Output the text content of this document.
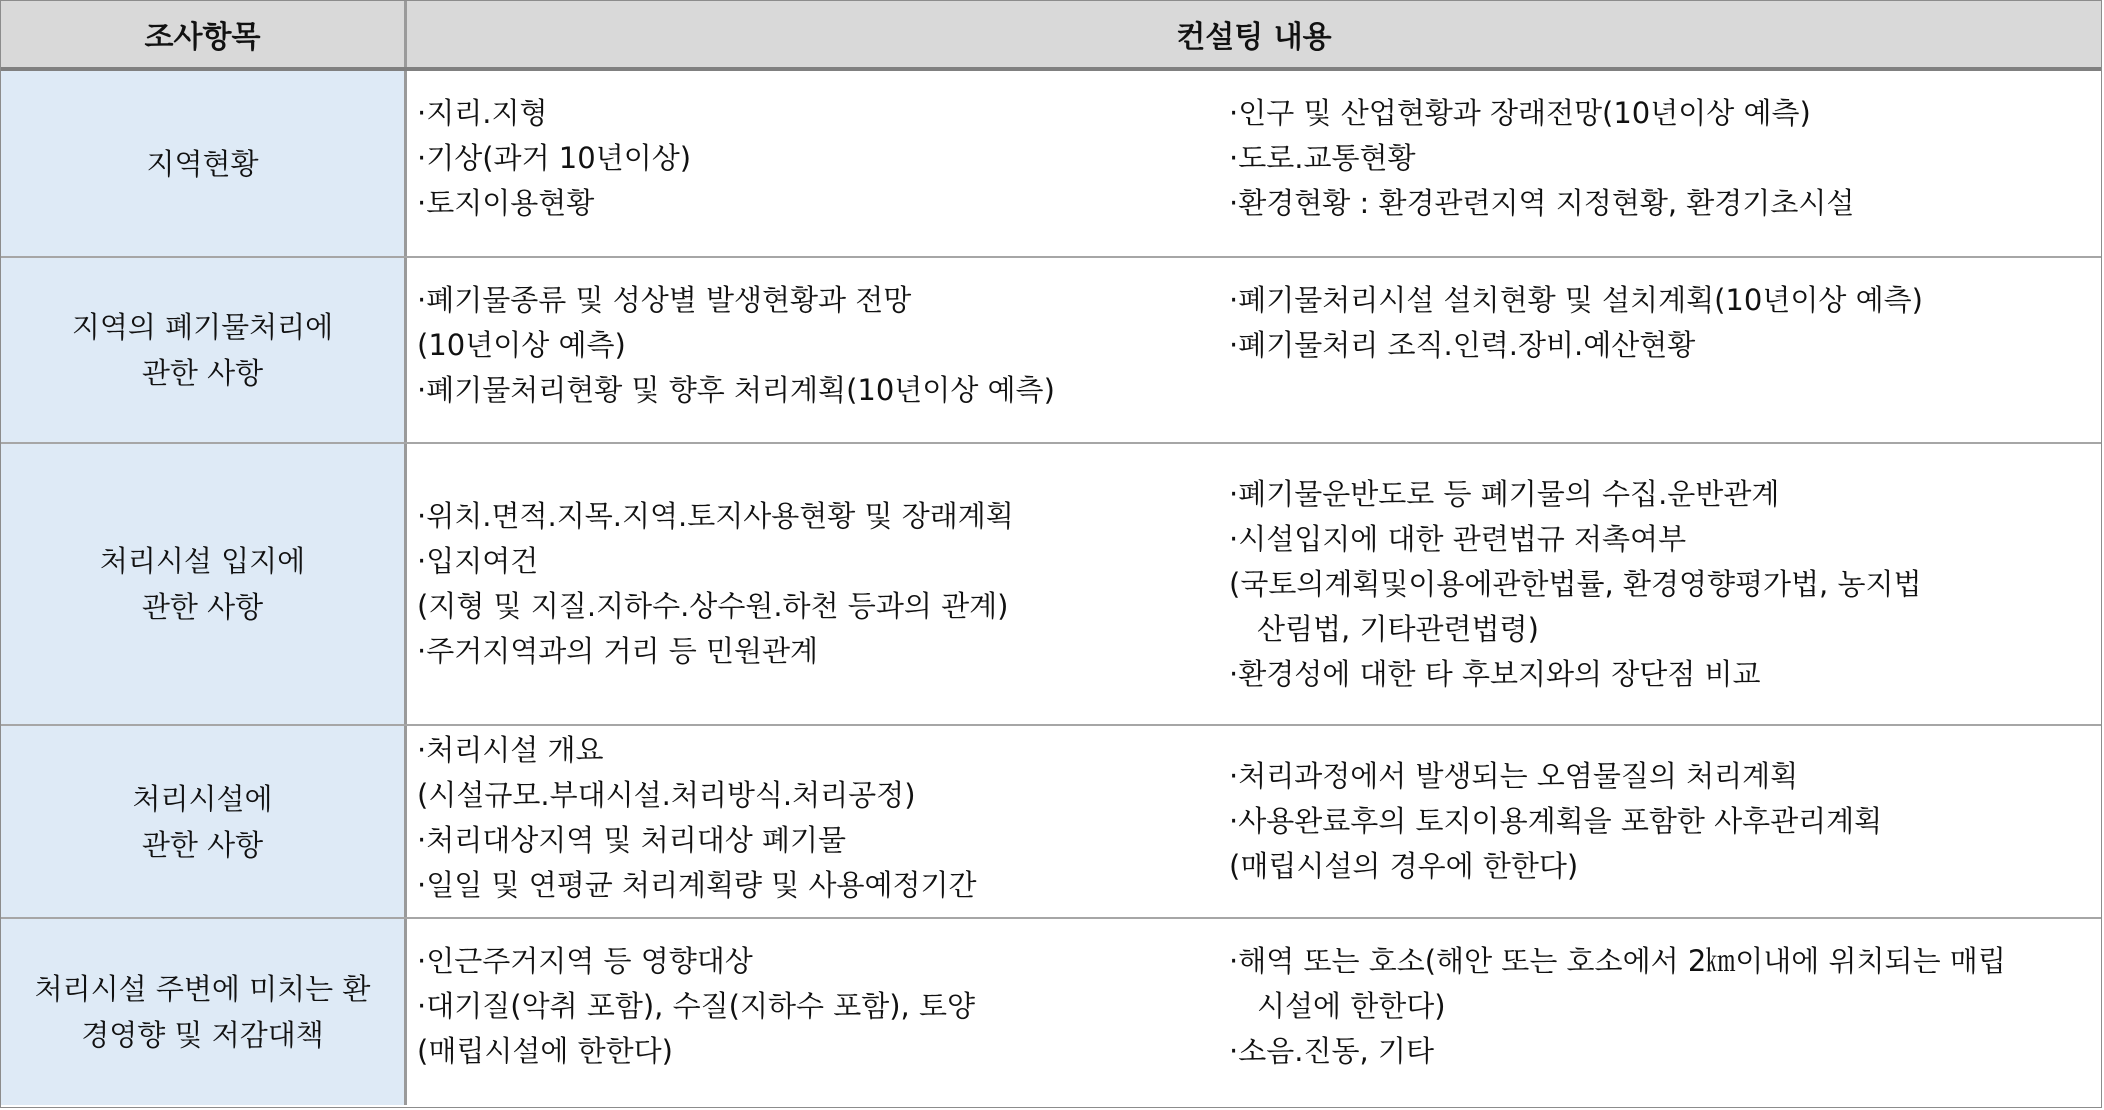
조사항목	컨설팅 내용
지역현황
·지리.지형
·기상(과거 10년이상)
·토지이용현황
·인구 및 산업현황과 장래전망(10년이상 예측)
·도로.교통현황
·환경현황 : 환경관련지역 지정현황, 환경기초시설
지역의 폐기물처리에
관한 사항
·폐기물종류 및 성상별 발생현황과 전망
(10년이상 예측)
·폐기물처리현황 및 향후 처리계획(10년이상 예측)
·폐기물처리시설 설치현황 및 설치계획(10년이상 예측)
·폐기물처리 조직.인력.장비.예산현황
처리시설 입지에
관한 사항
·위치.면적.지목.지역.토지사용현황 및 장래계획
·입지여건
(지형 및 지질.지하수.상수원.하천 등과의 관계)
·주거지역과의 거리 등 민원관계
·폐기물운반도로 등 폐기물의 수집.운반관계
·시설입지에 대한 관련법규 저촉여부
(국토의계획및이용에관한법률, 환경영향평가법, 농지법
산림법, 기타관련법령)
·환경성에 대한 타 후보지와의 장단점 비교
처리시설에
관한 사항
·처리시설 개요
(시설규모.부대시설.처리방식.처리공정)
·처리대상지역 및 처리대상 폐기물
·일일 및 연평균 처리계획량 및 사용예정기간
·처리과정에서 발생되는 오염물질의 처리계획
·사용완료후의 토지이용계획을 포함한 사후관리계획
(매립시설의 경우에 한한다)
처리시설 주변에 미치는 환
경영향 및 저감대책
·인근주거지역 등 영향대상
·대기질(악취 포함), 수질(지하수 포함), 토양
(매립시설에 한한다)
·해역 또는 호소(해안 또는 호소에서 2㎞이내에 위치되는 매립
시설에 한한다)
·소음.진동, 기타
